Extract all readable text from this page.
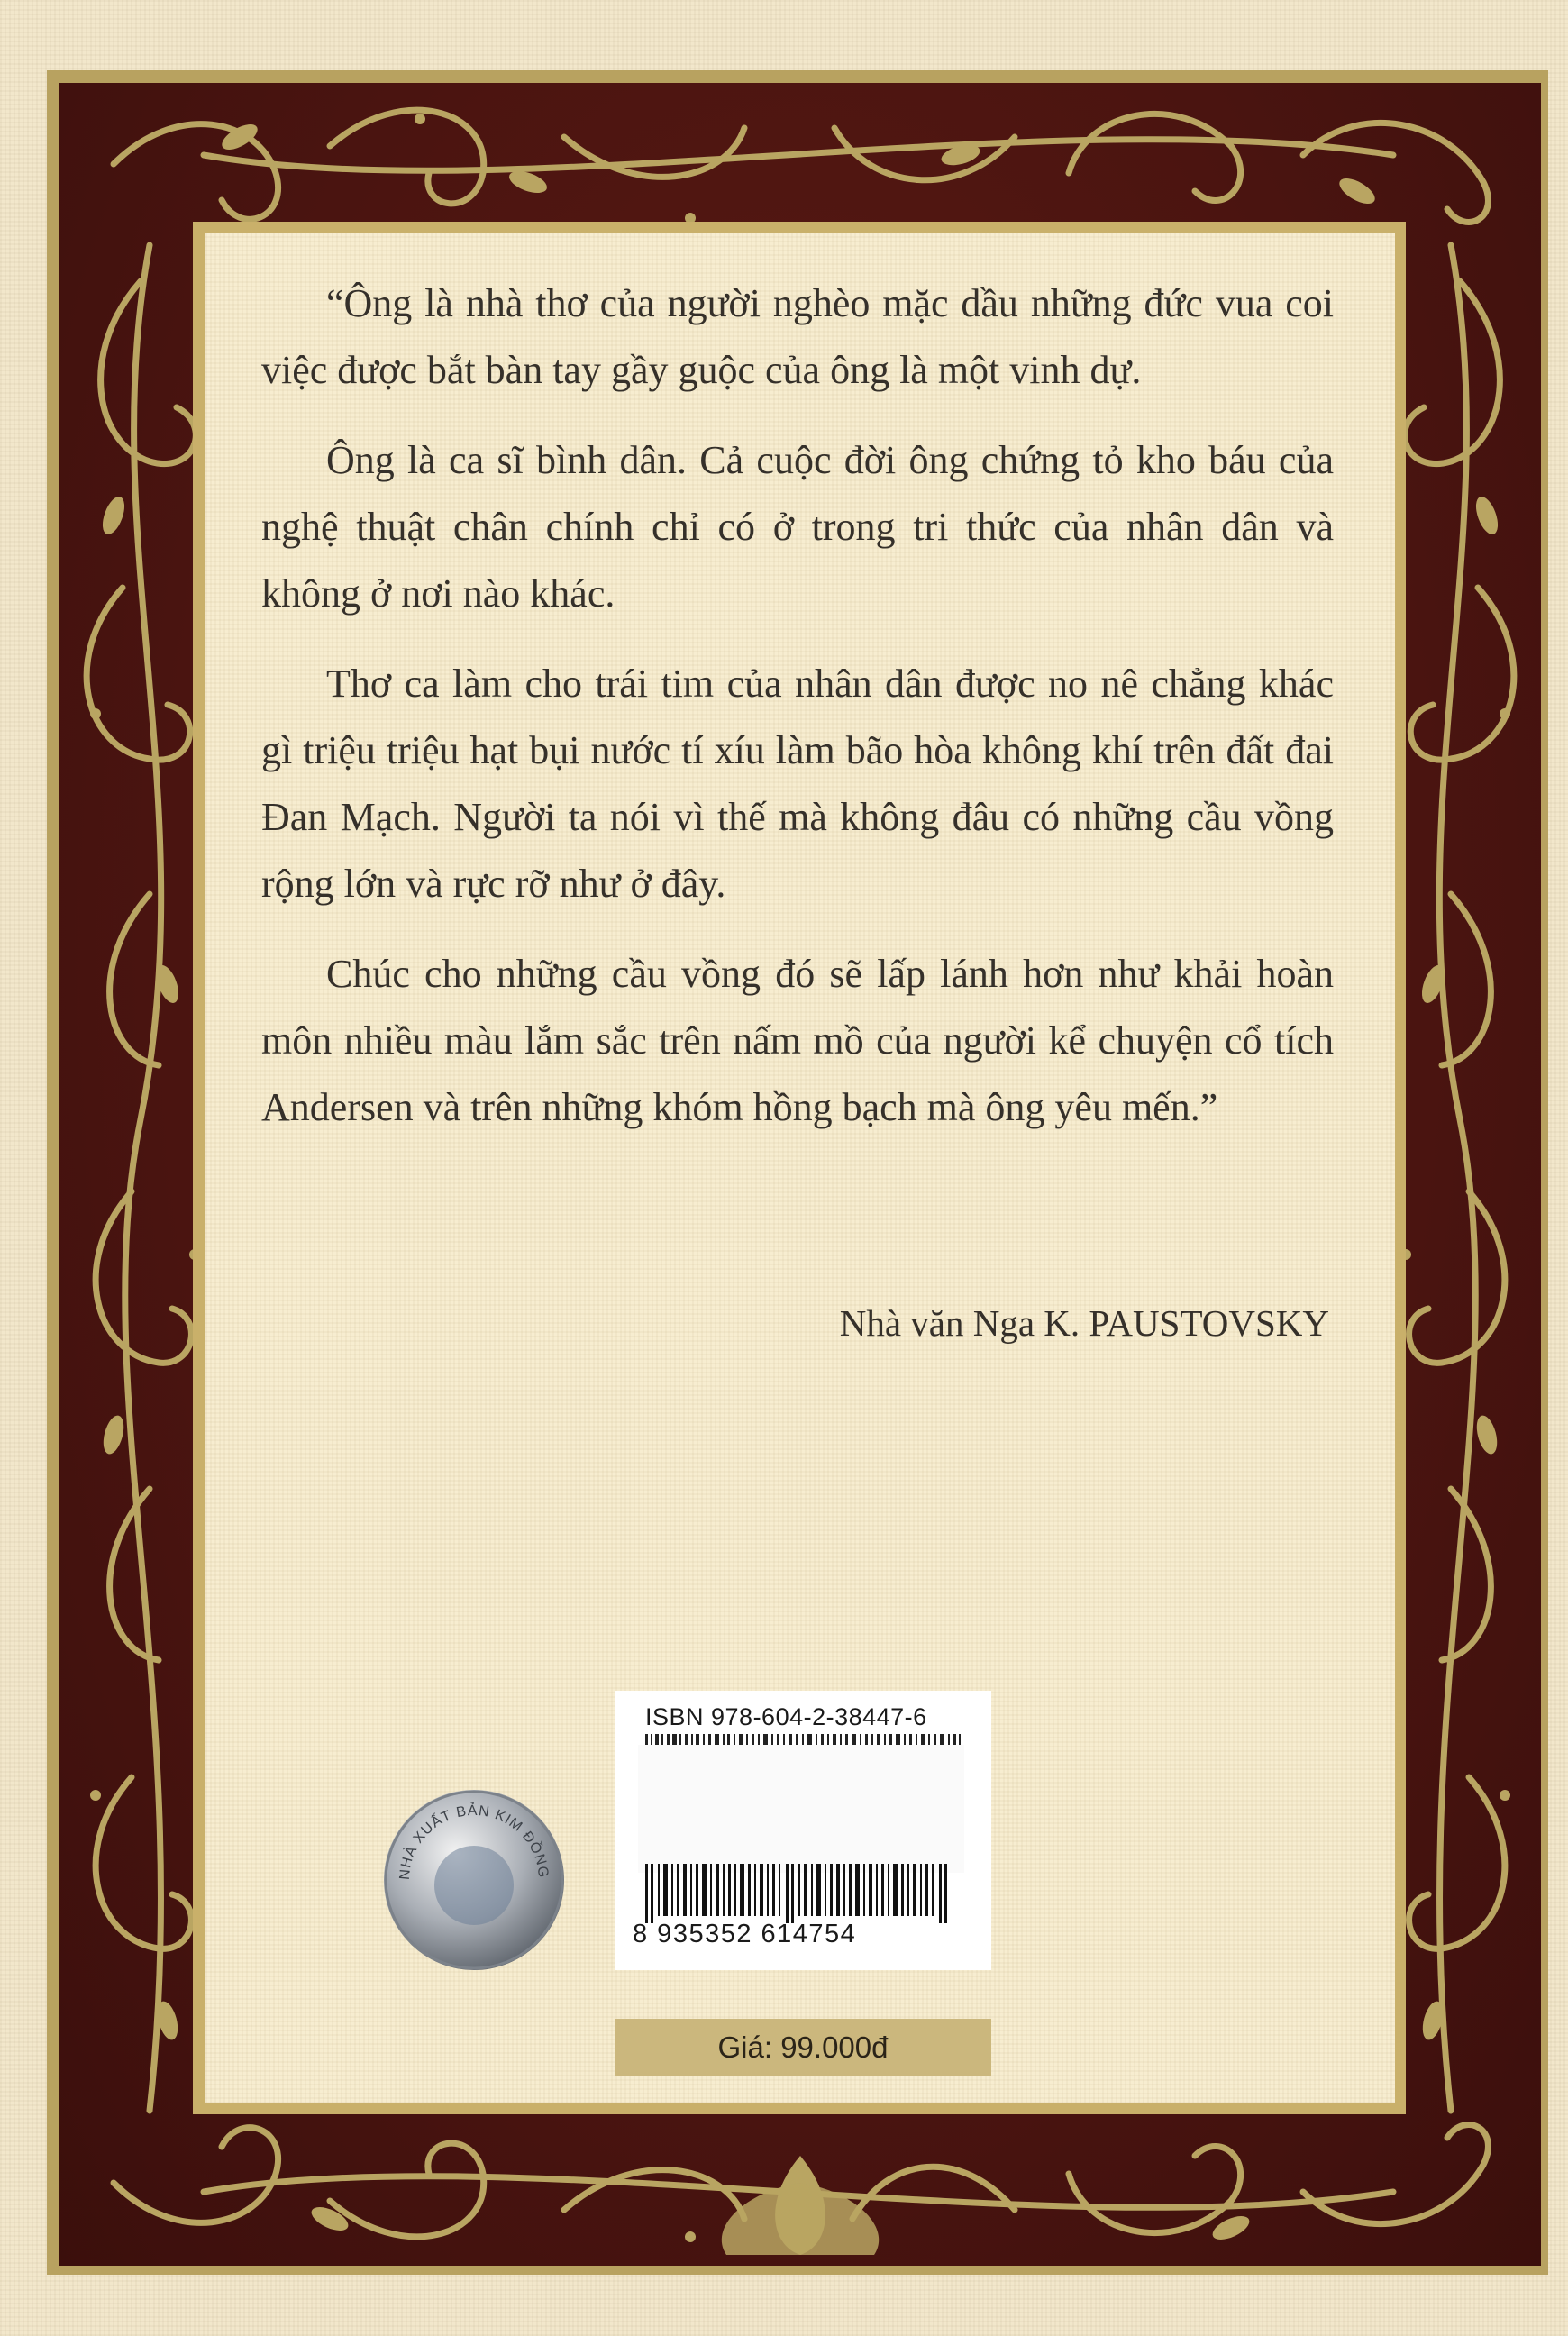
“Ông là nhà thơ của người nghèo mặc dầu những đức vua coi việc được bắt bàn tay gầy guộc của ông là một vinh dự.

Ông là ca sĩ bình dân. Cả cuộc đời ông chứng tỏ kho báu của nghệ thuật chân chính chỉ có ở trong tri thức của nhân dân và không ở nơi nào khác.

Thơ ca làm cho trái tim của nhân dân được no nê chẳng khác gì triệu triệu hạt bụi nước tí xíu làm bão hòa không khí trên đất đai Đan Mạch. Người ta nói vì thế mà không đâu có những cầu vồng rộng lớn và rực rỡ như ở đây.

Chúc cho những cầu vồng đó sẽ lấp lánh hơn như khải hoàn môn nhiều màu lắm sắc trên nấm mồ của người kể chuyện cổ tích Andersen và trên những khóm hồng bạch mà ông yêu mến.”

Nhà văn Nga K. PAUSTOVSKY
NHÀ XUẤT BẢN KIM ĐỒNG
ISBN 978-604-2-38447-6
8 935352 614754
Giá: 99.000đ
